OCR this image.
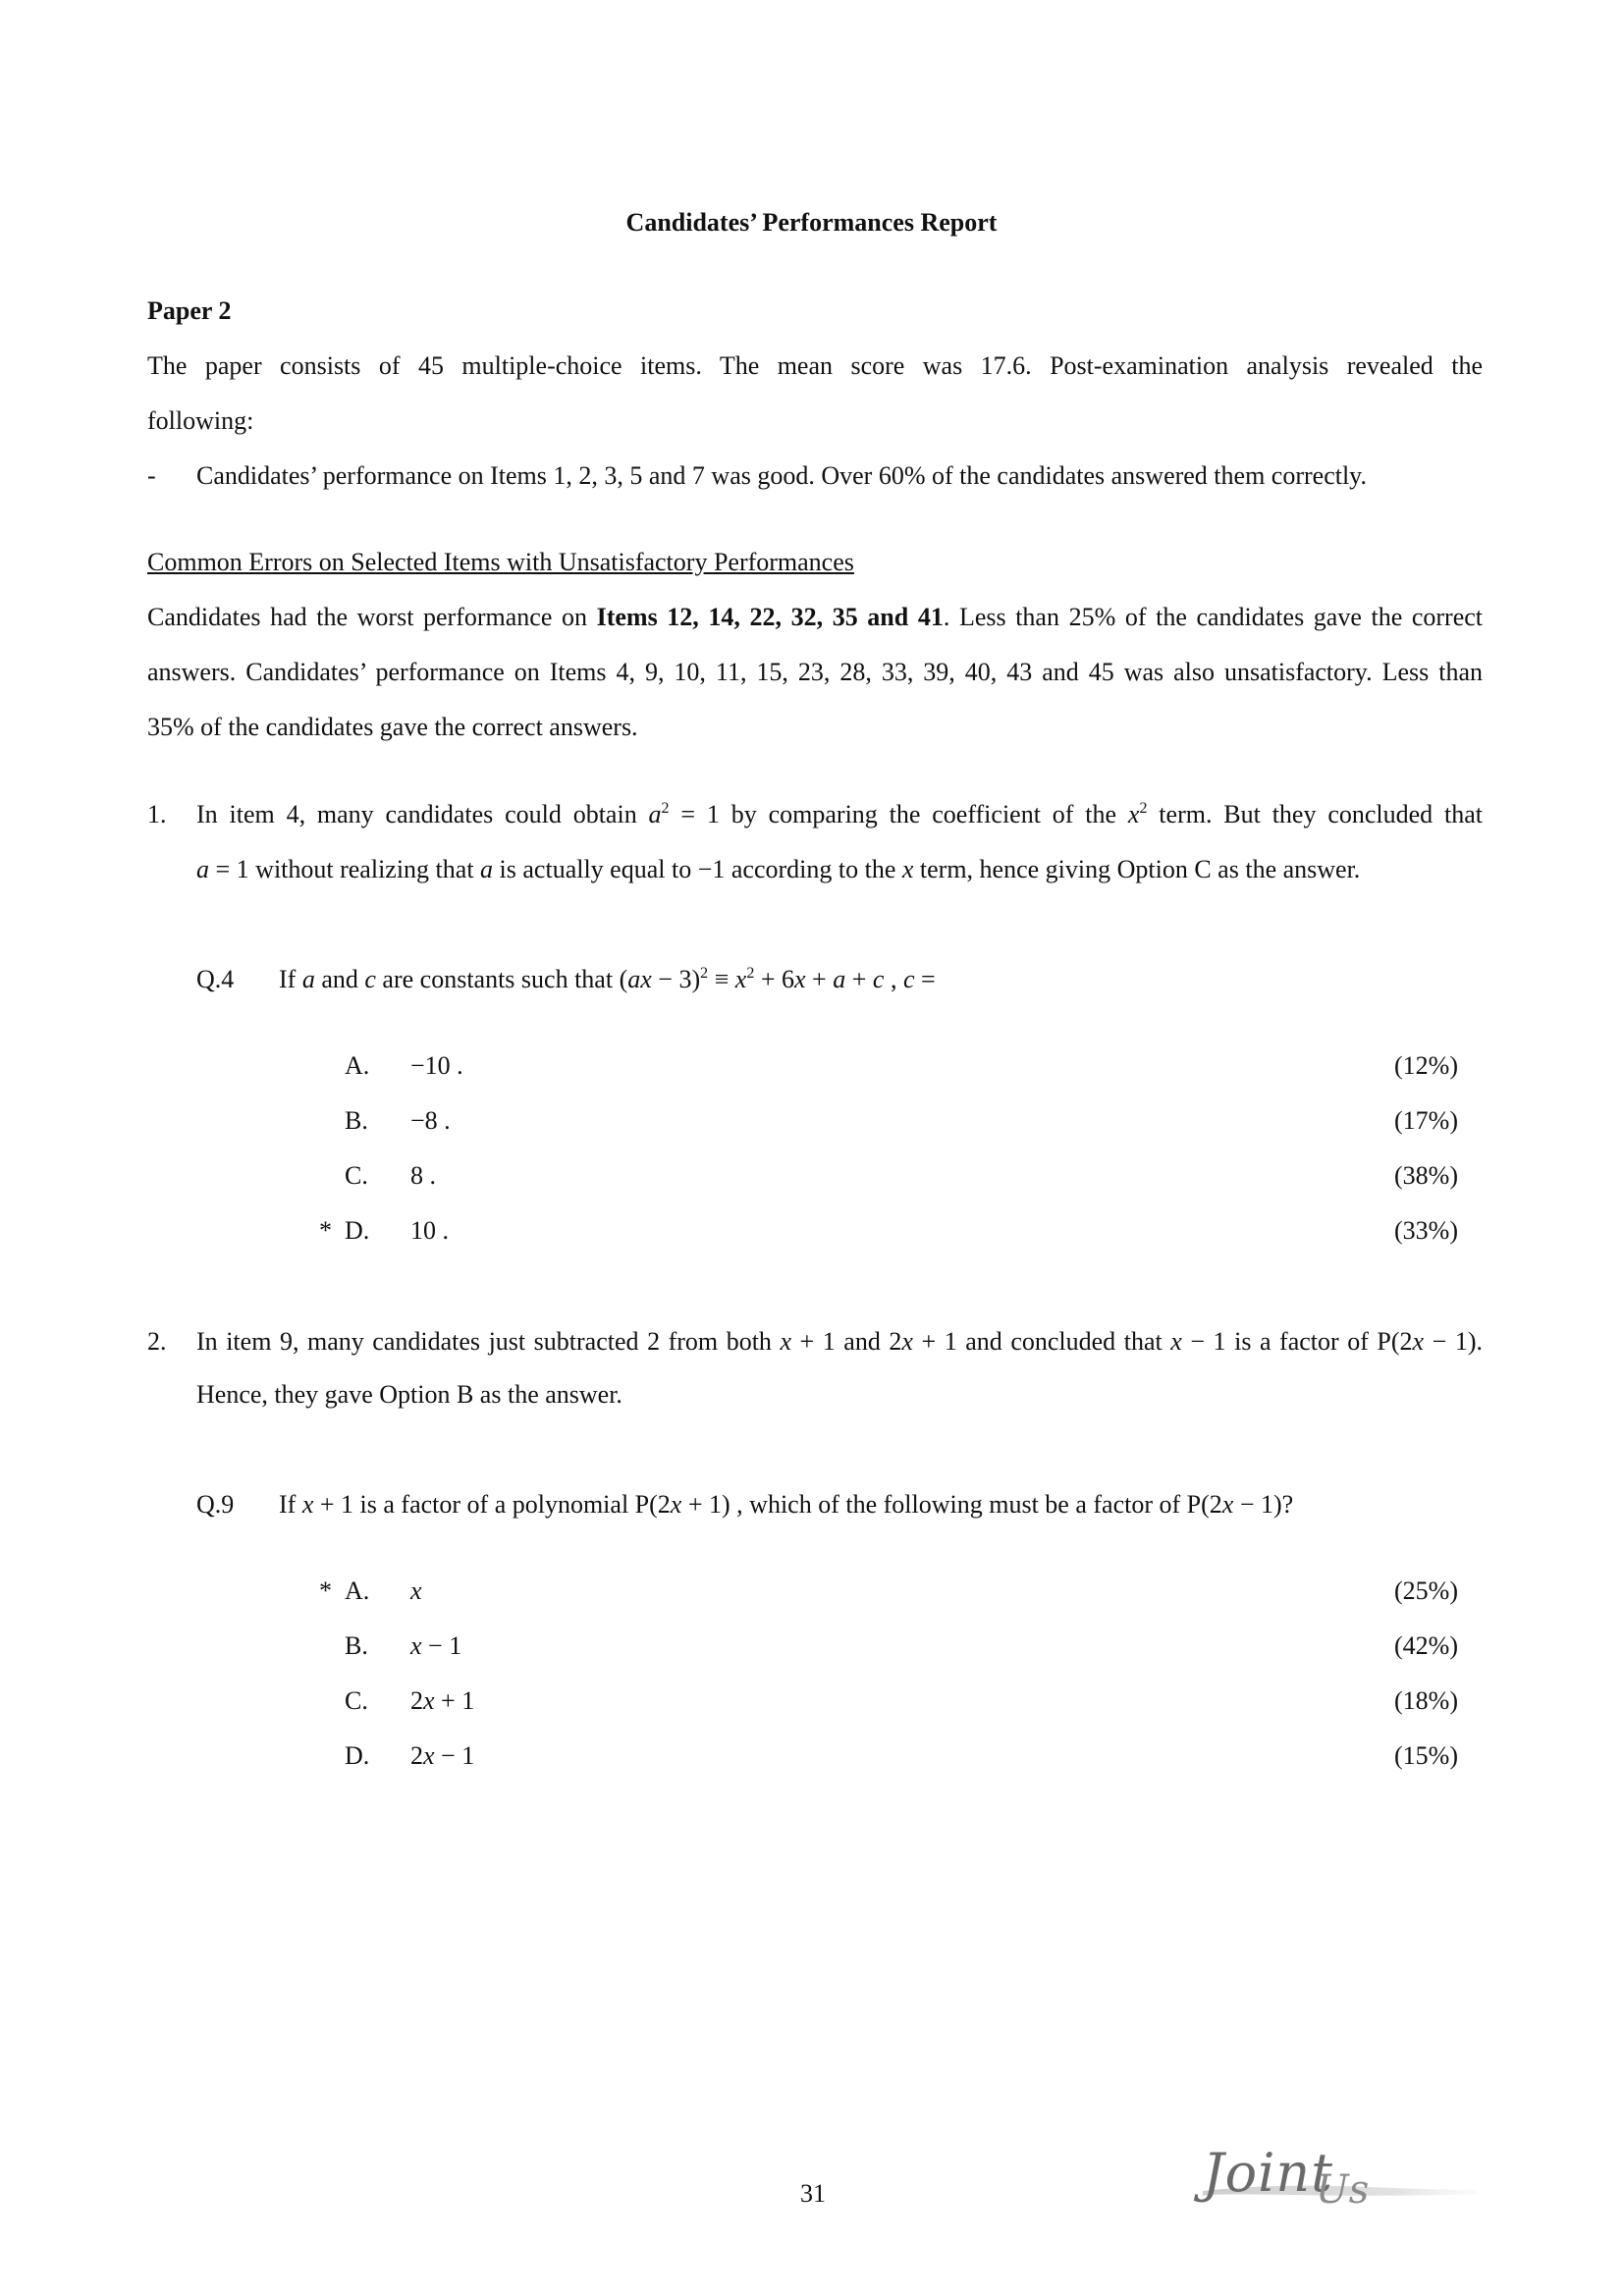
Candidates’ Performances Report
Paper 2
The paper consists of 45 multiple-choice items. The mean score was 17.6. Post-examination analysis revealed the
following:
- Candidates’ performance on Items 1, 2, 3, 5 and 7 was good. Over 60% of the candidates answered them correctly.
Common Errors on Selected Items with Unsatisfactory Performances
Candidates had the worst performance on Items 12, 14, 22, 32, 35 and 41. Less than 25% of the candidates gave the correct
answers. Candidates’ performance on Items 4, 9, 10, 11, 15, 23, 28, 33, 39, 40, 43 and 45 was also unsatisfactory. Less than
35% of the candidates gave the correct answers.
1. In item 4, many candidates could obtain $a^2 = 1$ by comparing the coefficient of the $x^2$ term. But they concluded that
a = 1 without realizing that a is actually equal to −1 according to the x term, hence giving Option C as the answer.
Q.4 If a and c are constants such that $(ax - 3)^2 \equiv x^2 + 6x + a + c$ , c =
A. −10 .	(12%)
B. −8 .	(17%)
C. 8 .	(38%)
* D. 10 .	(33%)
2. In item 9, many candidates just subtracted 2 from both x + 1 and 2x + 1 and concluded that x − 1 is a factor of P(2x − 1).
Hence, they gave Option B as the answer.
Q.9 If x + 1 is a factor of a polynomial P(2x + 1) , which of the following must be a factor of P(2x − 1)?
* A. x	(25%)
B. x − 1	(42%)
C. 2x + 1	(18%)
D. 2x − 1	(15%)
31	Joint
Us
